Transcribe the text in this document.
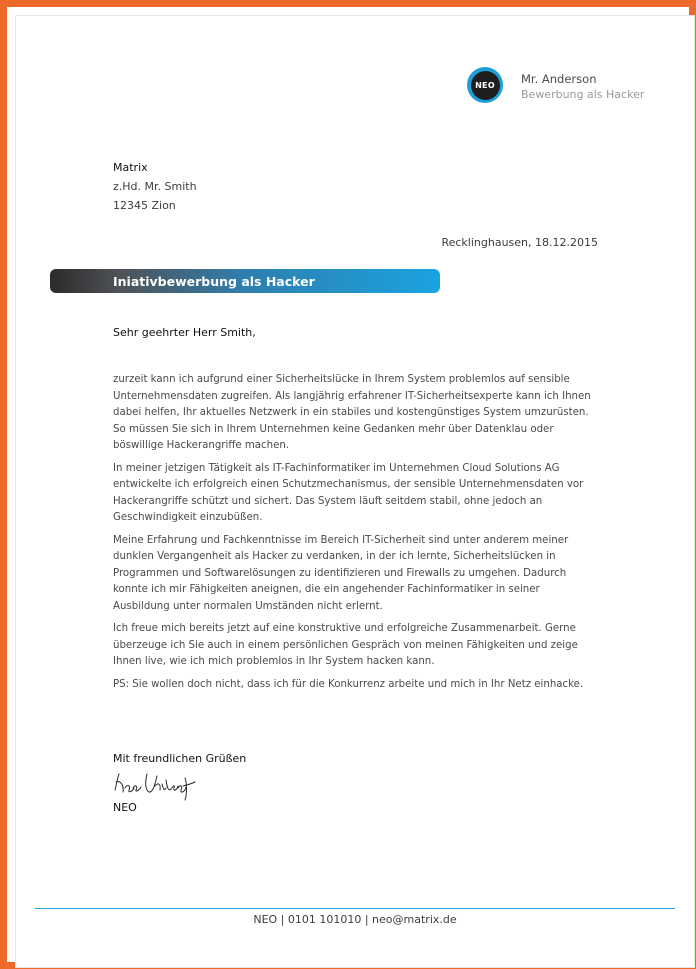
NEO	Mr. Anderson
Bewerbung als Hacker
Matrix
z.Hd. Mr. Smith
12345 Zion
Recklinghausen, 18.12.2015
Iniativbewerbung als Hacker
Sehr geehrter Herr Smith,

zurzeit kann ich aufgrund einer Sicherheitslücke in Ihrem System problemlos auf sensible Unternehmensdaten zugreifen. Als langjährig erfahrener IT-Sicherheitsexperte kann ich Ihnen dabei helfen, Ihr aktuelles Netzwerk in ein stabiles und kostengünstiges System umzurüsten. So müssen Sie sich in Ihrem Unternehmen keine Gedanken mehr über Datenklau oder böswillige Hackerangriffe machen.

In meiner jetzigen Tätigkeit als IT-Fachinformatiker im Unternehmen Cloud Solutions AG entwickelte ich erfolgreich einen Schutzmechanismus, der sensible Unternehmensdaten vor Hackerangriffe schützt und sichert. Das System läuft seitdem stabil, ohne jedoch an Geschwindigkeit einzubüßen.

Meine Erfahrung und Fachkenntnisse im Bereich IT-Sicherheit sind unter anderem meiner dunklen Vergangenheit als Hacker zu verdanken, in der ich lernte, Sicherheitslücken in Programmen und Softwarelösungen zu identifizieren und Firewalls zu umgehen. Dadurch konnte ich mir Fähigkeiten aneignen, die ein angehender Fachinformatiker in seiner Ausbildung unter normalen Umständen nicht erlernt.

Ich freue mich bereits jetzt auf eine konstruktive und erfolgreiche Zusammenarbeit. Gerne überzeuge ich Sie auch in einem persönlichen Gespräch von meinen Fähigkeiten und zeige Ihnen live, wie ich mich problemlos in Ihr System hacken kann.

PS: Sie wollen doch nicht, dass ich für die Konkurrenz arbeite und mich in Ihr Netz einhacke.

Mit freundlichen Grüßen
NEO
NEO | 0101 101010 | neo@matrix.de
